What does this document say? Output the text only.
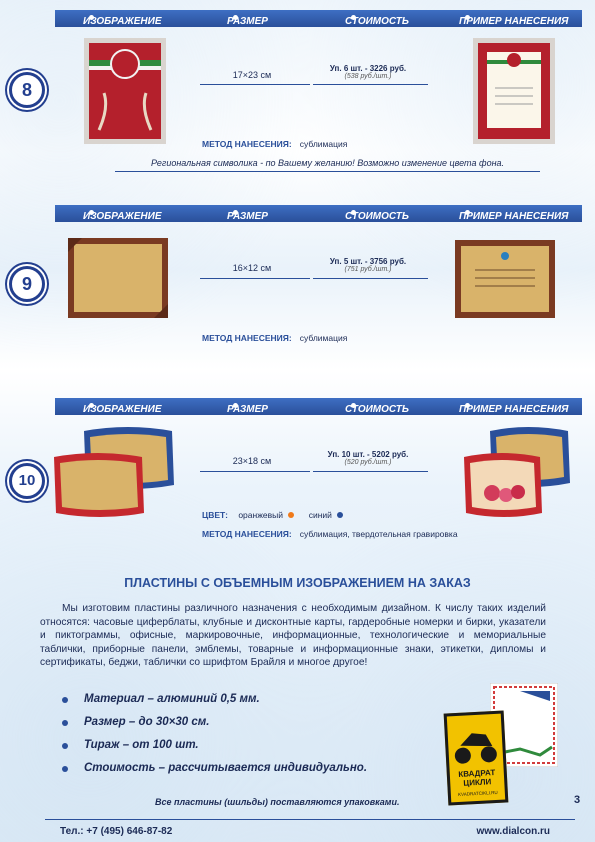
ИЗОБРАЖЕНИЕ	РАЗМЕР	СТОИМОСТЬ	ПРИМЕР НАНЕСЕНИЯ
8
17×23 см
Уп. 6 шт. - 3226 руб.
(538 руб./шт.)
МЕТОД НАНЕСЕНИЯ: сублимация
Региональная символика - по Вашему желанию! Возможно изменение цвета фона.
ИЗОБРАЖЕНИЕ	РАЗМЕР	СТОИМОСТЬ	ПРИМЕР НАНЕСЕНИЯ
9
16×12 см
Уп. 5 шт. - 3756 руб.
(751 руб./шт.)
МЕТОД НАНЕСЕНИЯ: сублимация
ИЗОБРАЖЕНИЕ	РАЗМЕР	СТОИМОСТЬ	ПРИМЕР НАНЕСЕНИЯ
10
23×18 см
Уп. 10 шт. - 5202 руб.
(520 руб./шт.)
ЦВЕТ: оранжевый	синий
МЕТОД НАНЕСЕНИЯ: сублимация, твердотельная гравировка
ПЛАСТИНЫ С ОБЪЕМНЫМ ИЗОБРАЖЕНИЕМ НА ЗАКАЗ
Мы изготовим пластины различного назначения с необходимым дизайном. К числу таких изделий относятся: часовые циферблаты, клубные и дисконтные карты, гардеробные номерки и бирки, указатели и пиктограммы, офисные, маркировочные, информационные, технологические и мемориальные таблички, приборные панели, эмблемы, товарные и информационные знаки, этикетки, дипломы и сертификаты, беджи, таблички со шрифтом Брайля и многое другое!
Материал – алюминий 0,5 мм.
Размер – до 30×30 см.
Тираж – от 100 шт.
Стоимость – рассчитывается индивидуально.	КВАДРАТ ЦИКЛИ
KVADRATCIKLI.RU
Все пластины (шильды) поставляются упаковками.	3
Тел.: +7 (495) 646-87-82	www.dialcon.ru
